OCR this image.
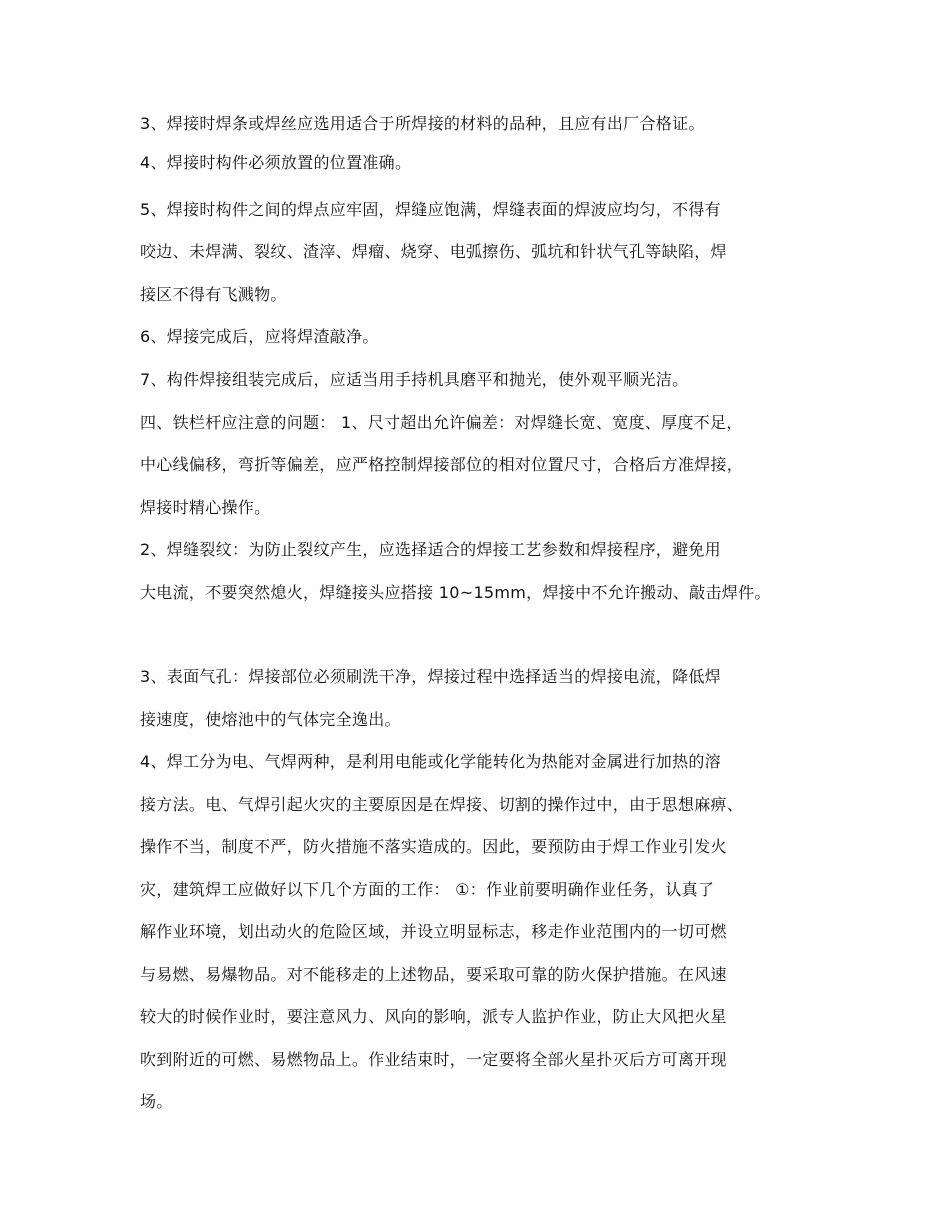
3、焊接时焊条或焊丝应选用适合于所焊接的材料的品种，且应有出厂合格证。
4、焊接时构件必须放置的位置准确。
5、焊接时构件之间的焊点应牢固，焊缝应饱满，焊缝表面的焊波应均匀，不得有
咬边、未焊满、裂纹、渣滓、焊瘤、烧穿、电弧擦伤、弧坑和针状气孔等缺陷，焊
接区不得有飞溅物。
6、焊接完成后，应将焊渣敲净。
7、构件焊接组装完成后，应适当用手持机具磨平和抛光，使外观平顺光洁。
四、铁栏杆应注意的问题： 1、尺寸超出允许偏差：对焊缝长宽、宽度、厚度不足，
中心线偏移，弯折等偏差，应严格控制焊接部位的相对位置尺寸，合格后方准焊接，
焊接时精心操作。
2、焊缝裂纹：为防止裂纹产生，应选择适合的焊接工艺参数和焊接程序，避免用
大电流，不要突然熄火，焊缝接头应搭接 10~15mm，焊接中不允许搬动、敲击焊件。
3、表面气孔：焊接部位必须刷洗干净，焊接过程中选择适当的焊接电流，降低焊
接速度，使熔池中的气体完全逸出。
4、焊工分为电、气焊两种，是利用电能或化学能转化为热能对金属进行加热的溶
接方法。电、气焊引起火灾的主要原因是在焊接、切割的操作过中，由于思想麻痹、
操作不当，制度不严，防火措施不落实造成的。因此，要预防由于焊工作业引发火
灾，建筑焊工应做好以下几个方面的工作： ①：作业前要明确作业任务，认真了
解作业环境，划出动火的危险区域，并设立明显标志，移走作业范围内的一切可燃
与易燃、易爆物品。对不能移走的上述物品，要采取可靠的防火保护措施。在风速
较大的时候作业时，要注意风力、风向的影响，派专人监护作业，防止大风把火星
吹到附近的可燃、易燃物品上。作业结束时，一定要将全部火星扑灭后方可离开现
场。
